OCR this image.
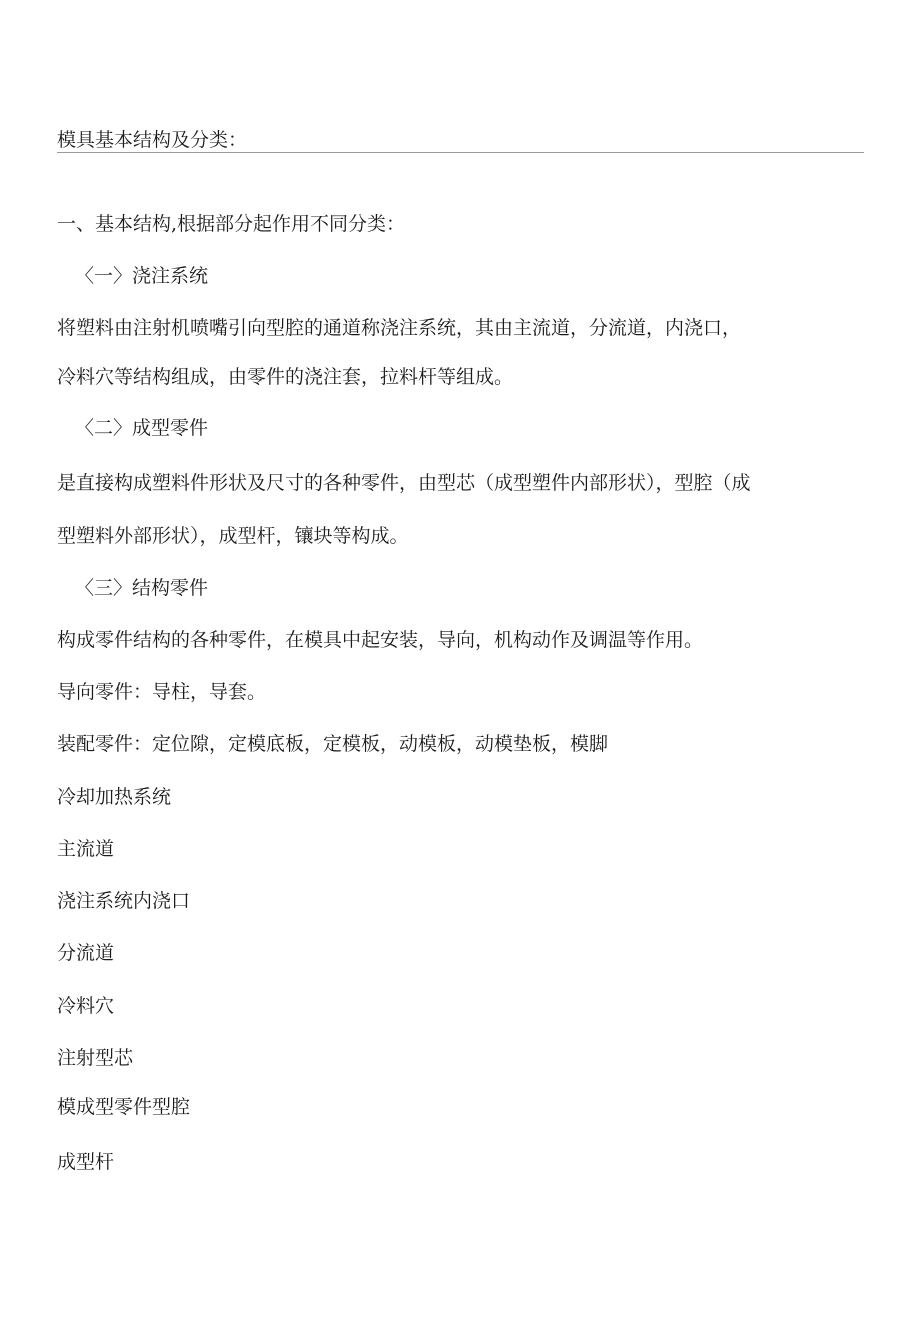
模具基本结构及分类：
一、基本结构,根据部分起作用不同分类：
〈一〉浇注系统
将塑料由注射机喷嘴引向型腔的通道称浇注系统，其由主流道，分流道，内浇口，
冷料穴等结构组成，由零件的浇注套，拉料杆等组成。
〈二〉成型零件
是直接构成塑料件形状及尺寸的各种零件，由型芯（成型塑件内部形状），型腔（成
型塑料外部形状），成型杆，镶块等构成。
〈三〉结构零件
构成零件结构的各种零件，在模具中起安装，导向，机构动作及调温等作用。
导向零件：导柱，导套。
装配零件：定位隙，定模底板，定模板，动模板，动模垫板，模脚
冷却加热系统
主流道
浇注系统内浇口
分流道
冷料穴
注射型芯
模成型零件型腔
成型杆
